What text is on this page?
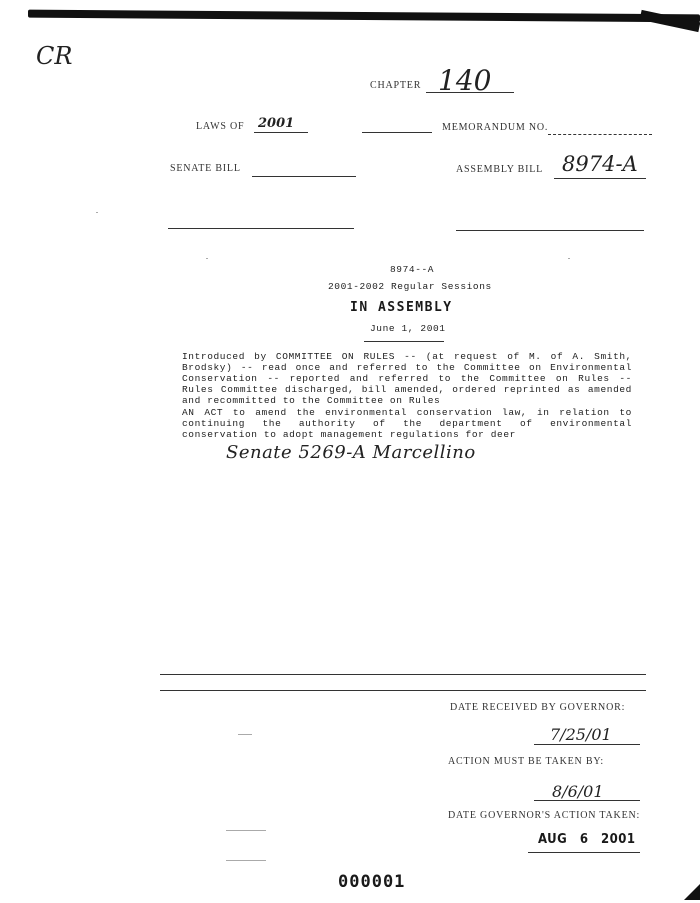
CR
CHAPTER 140
LAWS OF 2001	MEMORANDUM NO.
SENATE BILL	ASSEMBLY BILL 8974-A
8974--A
2001-2002 Regular Sessions
IN ASSEMBLY
June 1, 2001

Introduced by COMMITTEE ON RULES -- (at request of M. of A. Smith, Brodsky) -- read once and referred to the Committee on Environmental Conservation -- reported and referred to the Committee on Rules -- Rules Committee discharged, bill amended, ordered reprinted as amended and recommitted to the Committee on Rules

AN ACT to amend the environmental conservation law, in relation to continuing the authority of the department of environmental conservation to adopt management regulations for deer

Senate 5269-A Marcellino
DATE RECEIVED BY GOVERNOR:
7/25/01
ACTION MUST BE TAKEN BY:
8/6/01
DATE GOVERNOR'S ACTION TAKEN:
AUG 6 2001
000001
